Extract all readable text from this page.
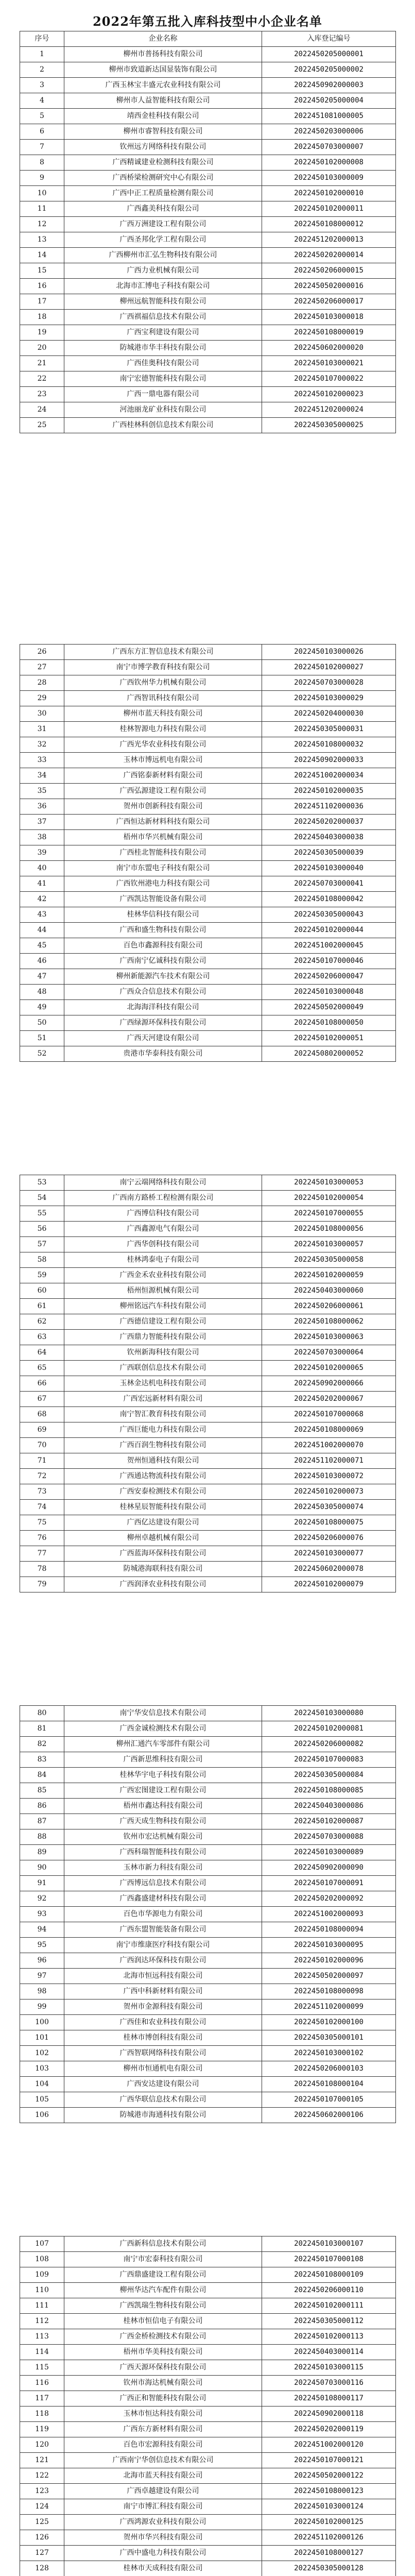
2022年第五批入库科技型中小企业名单
序号	企业名称	入库登记编号
1	柳州市普扬科技有限公司	2022450205000001
2	柳州市致道新达国显装饰有限公司	2022450205000002
3	广西玉林宝丰盛元农业科技有限公司	2022450902000003
4	柳州市人益智能科技有限公司	2022450205000004
5	靖西金桂科技有限公司	2022451081000005
6	柳州市睿智科技有限公司	2022450203000006
7	钦州远方网络科技有限公司	2022450703000007
8	广西精诚建业检测科技有限公司	2022450102000008
9	广西桥梁检测研究中心有限公司	2022450103000009
10	广西中正工程质量检测有限公司	2022450102000010
11	广西鑫美科技有限公司	2022450102000011
12	广西万洲建设工程有限公司	2022450108000012
13	广西圣邦化学工程有限公司	2022451202000013
14	广西柳州市汇弘生物科技有限公司	2022450202000014
15	广西力业机械有限公司	2022450206000015
16	北海市汇博电子科技有限公司	2022450502000016
17	柳州远航智能科技有限公司	2022450206000017
18	广西祺福信息技术有限公司	2022450103000018
19	广西宝利建设有限公司	2022450108000019
20	防城港市华丰科技有限公司	2022450602000020
21	广西佳奥科技有限公司	2022450103000021
22	南宁宏德智能科技有限公司	2022450107000022
23	广西一鼎电器有限公司	2022450102000023
24	河池丽龙矿业科技有限公司	2022451202000024
25	广西桂林科创信息技术有限公司	2022450305000025
26	广西东方汇智信息技术有限公司	2022450103000026
27	南宁市博学教育科技有限公司	2022450102000027
28	广西钦州华力机械有限公司	2022450703000028
29	广西智讯科技有限公司	2022450103000029
30	柳州市蓝天科技有限公司	2022450204000030
31	桂林智源电力科技有限公司	2022450305000031
32	广西光华农业科技有限公司	2022450108000032
33	玉林市博远机电有限公司	2022450902000033
34	广西铭泰新材料有限公司	2022451002000034
35	广西弘源建设工程有限公司	2022450102000035
36	贺州市创新科技有限公司	2022451102000036
37	广西恒达新材料科技有限公司	2022450202000037
38	梧州市华兴机械有限公司	2022450403000038
39	广西桂北智能科技有限公司	2022450305000039
40	南宁市东盟电子科技有限公司	2022450103000040
41	广西钦州港电力科技有限公司	2022450703000041
42	广西凯达智能设备有限公司	2022450108000042
43	桂林华信科技有限公司	2022450305000043
44	广西和盛生物科技有限公司	2022450102000044
45	百色市鑫源科技有限公司	2022451002000045
46	广西南宁亿诚科技有限公司	2022450107000046
47	柳州新能源汽车技术有限公司	2022450206000047
48	广西众合信息技术有限公司	2022450103000048
49	北海海洋科技有限公司	2022450502000049
50	广西绿源环保科技有限公司	2022450108000050
51	广西天河建设有限公司	2022450102000051
52	贵港市华泰科技有限公司	2022450802000052
53	南宁云端网络科技有限公司	2022450103000053
54	广西南方路桥工程检测有限公司	2022450102000054
55	广西博信科技有限公司	2022450107000055
56	广西鑫源电气有限公司	2022450108000056
57	广西华创科技有限公司	2022450103000057
58	桂林鸿泰电子有限公司	2022450305000058
59	广西金禾农业科技有限公司	2022450102000059
60	梧州恒源机械有限公司	2022450403000060
61	柳州铭远汽车科技有限公司	2022450206000061
62	广西德信建设工程有限公司	2022450108000062
63	广西鼎力智能科技有限公司	2022450103000063
64	钦州新海科技有限公司	2022450703000064
65	广西联创信息技术有限公司	2022450102000065
66	玉林金达机电科技有限公司	2022450902000066
67	广西宏远新材料有限公司	2022450202000067
68	南宁智汇教育科技有限公司	2022450107000068
69	广西巨能电力科技有限公司	2022450108000069
70	广西百润生物科技有限公司	2022451002000070
71	贺州恒通科技有限公司	2022451102000071
72	广西通达物流科技有限公司	2022450103000072
73	广西安泰检测技术有限公司	2022450102000073
74	桂林星辰智能科技有限公司	2022450305000074
75	广西亿达建设有限公司	2022450108000075
76	柳州卓越机械有限公司	2022450206000076
77	广西蓝海环保科技有限公司	2022450103000077
78	防城港海联科技有限公司	2022450602000078
79	广西润泽农业科技有限公司	2022450102000079
80	南宁华安信息技术有限公司	2022450103000080
81	广西金诚检测技术有限公司	2022450102000081
82	柳州汇通汽车零部件有限公司	2022450206000082
83	广西新思维科技有限公司	2022450107000083
84	桂林华宇电子科技有限公司	2022450305000084
85	广西宏图建设工程有限公司	2022450108000085
86	梧州市鑫达科技有限公司	2022450403000086
87	广西天成生物科技有限公司	2022450102000087
88	钦州市宏达机械有限公司	2022450703000088
89	广西科瑞智能科技有限公司	2022450103000089
90	玉林市新力科技有限公司	2022450902000090
91	广西博远信息技术有限公司	2022450107000091
92	广西鑫盛建材科技有限公司	2022450202000092
93	百色市华源电力有限公司	2022451002000093
94	广西东盟智能装备有限公司	2022450108000094
95	南宁市维康医疗科技有限公司	2022450103000095
96	广西润达环保科技有限公司	2022450102000096
97	北海市恒远科技有限公司	2022450502000097
98	广西中科新材料有限公司	2022450108000098
99	贺州市金源科技有限公司	2022451102000099
100	广西佳和农业科技有限公司	2022450102000100
101	桂林市博创科技有限公司	2022450305000101
102	广西智联网络科技有限公司	2022450103000102
103	柳州市恒通机电有限公司	2022450206000103
104	广西安达建设有限公司	2022450108000104
105	广西华联信息技术有限公司	2022450107000105
106	防城港市海通科技有限公司	2022450602000106
107	广西新科信息技术有限公司	2022450103000107
108	南宁市宏泰科技有限公司	2022450107000108
109	广西鼎盛建设工程有限公司	2022450108000109
110	柳州华达汽车配件有限公司	2022450206000110
111	广西凯瑞生物科技有限公司	2022450102000111
112	桂林市恒信电子有限公司	2022450305000112
113	广西金桥检测技术有限公司	2022450102000113
114	梧州市华美科技有限公司	2022450403000114
115	广西天源环保科技有限公司	2022450103000115
116	钦州市海达机械有限公司	2022450703000116
117	广西正和智能科技有限公司	2022450108000117
118	玉林市恒达科技有限公司	2022450902000118
119	广西东方新材料有限公司	2022450202000119
120	百色市宏源科技有限公司	2022451002000120
121	广西南宁华创信息技术有限公司	2022450107000121
122	北海市蓝天科技有限公司	2022450502000122
123	广西卓越建设有限公司	2022450108000123
124	南宁市博汇科技有限公司	2022450103000124
125	广西鸿源农业科技有限公司	2022450102000125
126	贺州市华兴科技有限公司	2022451102000126
127	广西中盛电力科技有限公司	2022450108000127
128	桂林市天成科技有限公司	2022450305000128
